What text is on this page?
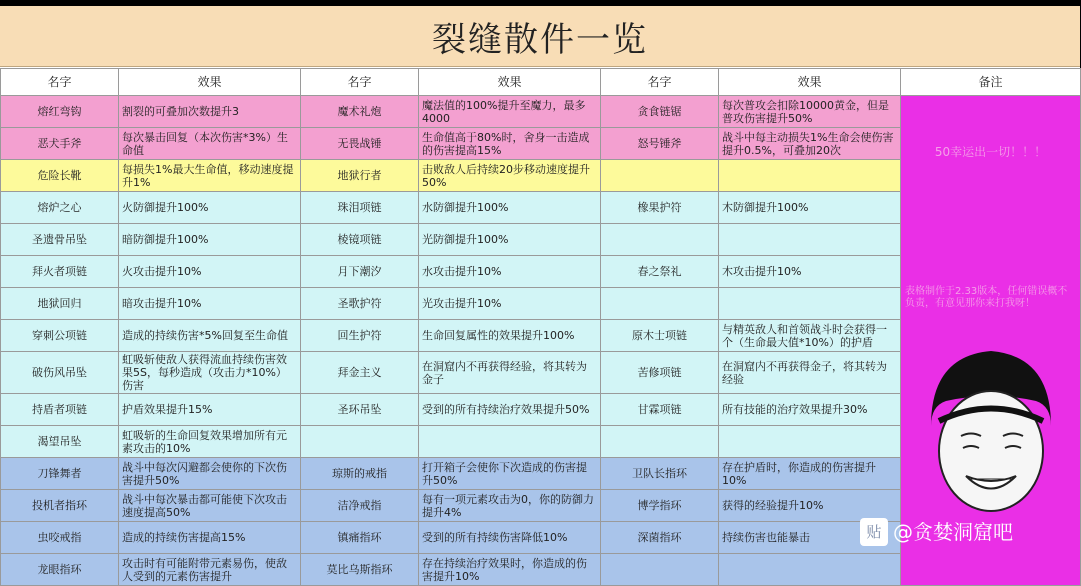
裂缝散件一览
名字	效果	名字	效果	名字	效果	备注
熔红弯钩	割裂的可叠加次数提升3	魔术礼炮	魔法值的100%提升至魔力，最多4000	贪食链锯	每次普攻会扣除10000黄金，但是普攻伤害提升50%	50幸运出一切！！！
表格制作于2.33版本，任何错误概不负责，有意见那你来打我呀！

恶犬手斧	每次暴击回复（本次伤害*3%）生命值	无畏战锤	生命值高于80%时，舍身一击造成的伤害提高15%	怒号锤斧	战斗中每主动损失1%生命会使伤害提升0.5%，可叠加20次	
危险长靴	每损失1%最大生命值，移动速度提升1%	地狱行者	击败敌人后持续20步移动速度提升50%			
熔炉之心	火防御提升100%	珠泪项链	水防御提升100%	橡果护符	木防御提升100%	
圣遗骨吊坠	暗防御提升100%	棱镜项链	光防御提升100%			
拜火者项链	火攻击提升10%	月下潮汐	水攻击提升10%	春之祭礼	木攻击提升10%	
地狱回归	暗攻击提升10%	圣歌护符	光攻击提升10%			
穿刺公项链	造成的持续伤害*5%回复至生命值	回生护符	生命回复属性的效果提升100%	原木士项链	与精英敌人和首领战斗时会获得一个（生命最大值*10%）的护盾	
破伤风吊坠	虹吸斩使敌人获得流血持续伤害效果5S，每秒造成（攻击力*10%）伤害	拜金主义	在洞窟内不再获得经验，将其转为金子	苦修项链	在洞窟内不再获得金子，将其转为经验	
持盾者项链	护盾效果提升15%	圣环吊坠	受到的所有持续治疗效果提升50%	甘霖项链	所有技能的治疗效果提升30%	
渴望吊坠	虹吸斩的生命回复效果增加所有元素攻击的10%					
刀锋舞者	战斗中每次闪避都会使你的下次伤害提升50%	琼斯的戒指	打开箱子会使你下次造成的伤害提升50%	卫队长指环	存在护盾时，你造成的伤害提升10%	
投机者指环	战斗中每次暴击都可能使下次攻击速度提高50%	洁净戒指	每有一项元素攻击为0，你的防御力提升4%	博学指环	获得的经验提升10%	
虫咬戒指	造成的持续伤害提高15%	镇痛指环	受到的所有持续伤害降低10%	深菌指环	持续伤害也能暴击	
龙眼指环	攻击时有可能附带元素易伤，使敌人受到的元素伤害提升	莫比乌斯指环	存在持续治疗效果时，你造成的伤害提升10%			
贴 @贪婪洞窟吧
